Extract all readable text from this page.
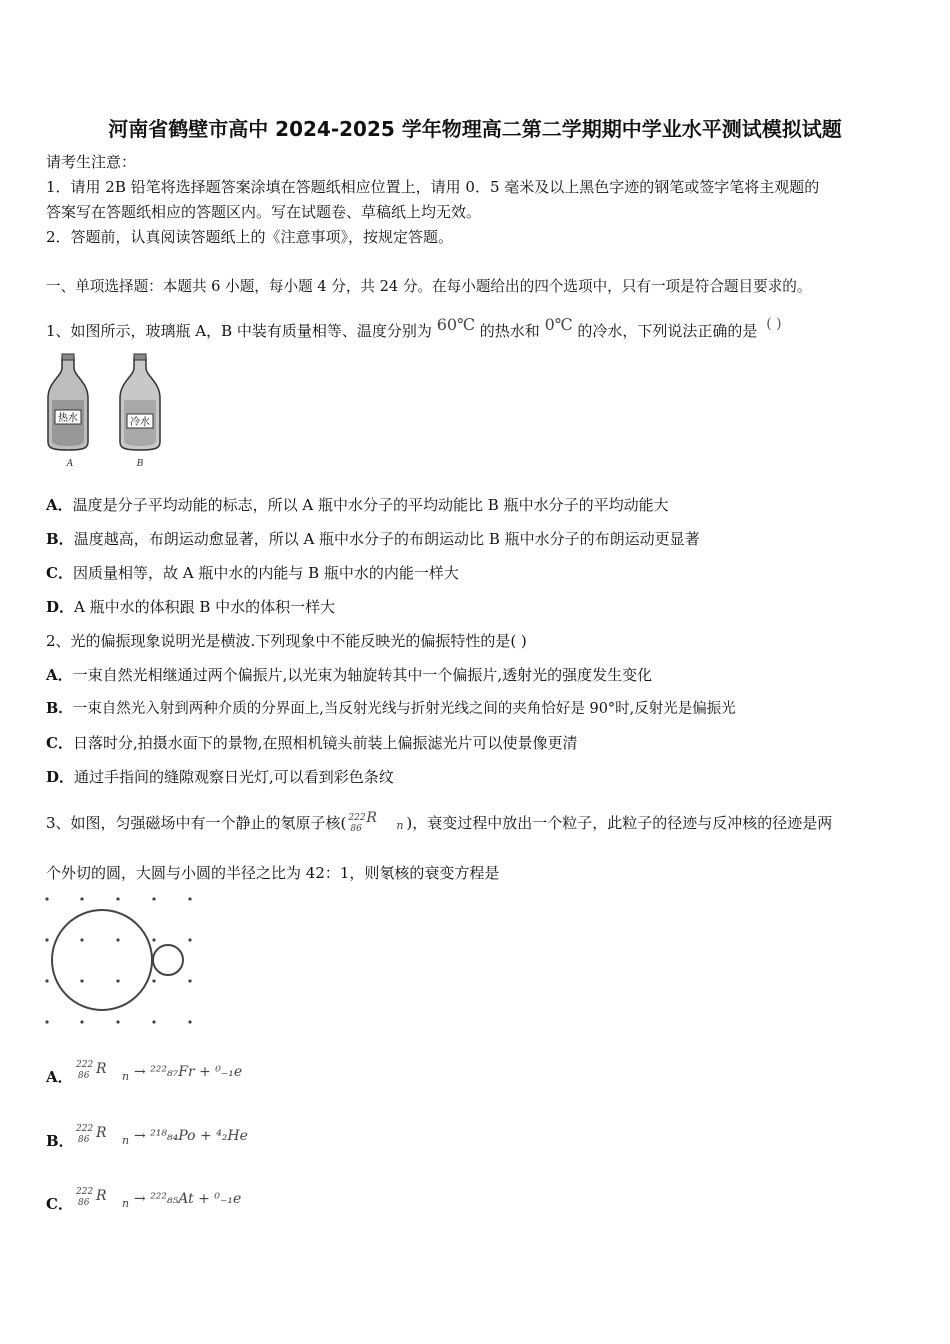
河南省鹤壁市高中 2024-2025 学年物理高二第二学期期中学业水平测试模拟试题
请考生注意：
1．请用 2B 铅笔将选择题答案涂填在答题纸相应位置上，请用 0．5 毫米及以上黑色字迹的钢笔或签字笔将主观题的
答案写在答题纸相应的答题区内。写在试题卷、草稿纸上均无效。
2．答题前，认真阅读答题纸上的《注意事项》，按规定答题。
一、单项选择题：本题共 6 小题，每小题 4 分，共 24 分。在每小题给出的四个选项中，只有一项是符合题目要求的。
1、如图所示，玻璃瓶 A，B 中装有质量相等、温度分别为 60℃ 的热水和 0℃ 的冷水，下列说法正确的是 ( )
热水
A
冷水
B
A．温度是分子平均动能的标志，所以 A 瓶中水分子的平均动能比 B 瓶中水分子的平均动能大
B．温度越高，布朗运动愈显著，所以 A 瓶中水分子的布朗运动比 B 瓶中水分子的布朗运动更显著
C．因质量相等，故 A 瓶中水的内能与 B 瓶中水的内能一样大
D．A 瓶中水的体积跟 B 中水的体积一样大
2、光的偏振现象说明光是横波.下列现象中不能反映光的偏振特性的是( )
A．一束自然光相继通过两个偏振片,以光束为轴旋转其中一个偏振片,透射光的强度发生变化
B．一束自然光入射到两种介质的分界面上,当反射光线与折射光线之间的夹角恰好是 90°时,反射光是偏振光
C．日落时分,拍摄水面下的景物,在照相机镜头前装上偏振滤光片可以使景像更清
D．通过手指间的缝隙观察日光灯,可以看到彩色条纹
3、如图，匀强磁场中有一个静止的氡原子核( 222
86
R n )，衰变过程中放出一个粒子，此粒子的径迹与反冲核的径迹是两
个外切的圆，大圆与小圆的半径之比为 42：1，则氡核的衰变方程是
A．
222
86 R n → ²²²₈₇Fr + ⁰₋₁e
B．
222
86 R n → ²¹⁸₈₄Po + ⁴₂He
C．
222
86 R n → ²²²₈₅At + ⁰₋₁e
